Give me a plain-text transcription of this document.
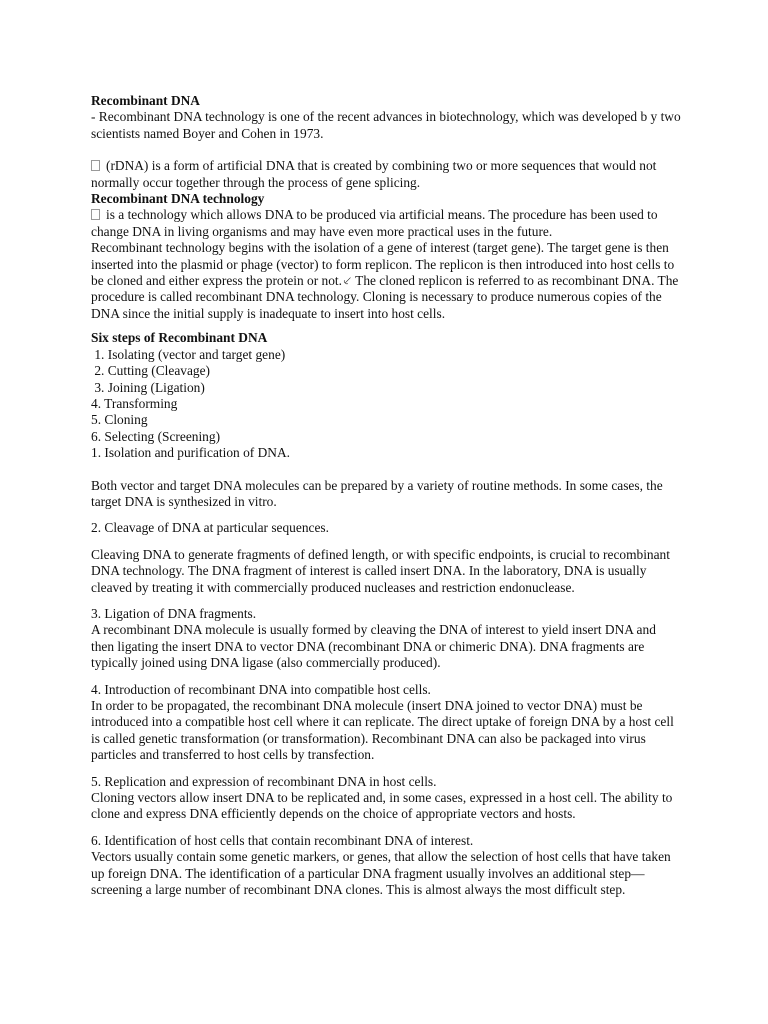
Recombinant DNA

- Recombinant DNA technology is one of the recent advances in biotechnology, which was developed b y two scientists named Boyer and Cohen in 1973.

(rDNA) is a form of artificial DNA that is created by combining two or more sequences that would not normally occur together through the process of gene splicing.

Recombinant DNA technology

is a technology which allows DNA to be produced via artificial means. The procedure has been used to change DNA in living organisms and may have even more practical uses in the future.

Recombinant technology begins with the isolation of a gene of interest (target gene). The target gene is then inserted into the plasmid or phage (vector) to form replicon. The replicon is then introduced into host cells to be cloned and either express the protein or not.⸔ The cloned replicon is referred to as recombinant DNA. The procedure is called recombinant DNA technology. Cloning is necessary to produce numerous copies of the DNA since the initial supply is inadequate to insert into host cells.

Six steps of Recombinant DNA

1. Isolating (vector and target gene)
2. Cutting (Cleavage)
3. Joining (Ligation)
4. Transforming
5. Cloning
6. Selecting (Screening)

1. Isolation and purification of DNA.

Both vector and target DNA molecules can be prepared by a variety of routine methods. In some cases, the target DNA is synthesized in vitro.

2. Cleavage of DNA at particular sequences.

Cleaving DNA to generate fragments of defined length, or with specific endpoints, is crucial to recombinant DNA technology. The DNA fragment of interest is called insert DNA. In the laboratory, DNA is usually cleaved by treating it with commercially produced nucleases and restriction endonuclease.

3. Ligation of DNA fragments.

A recombinant DNA molecule is usually formed by cleaving the DNA of interest to yield insert DNA and then ligating the insert DNA to vector DNA (recombinant DNA or chimeric DNA). DNA fragments are typically joined using DNA ligase (also commercially produced).

4. Introduction of recombinant DNA into compatible host cells.

In order to be propagated, the recombinant DNA molecule (insert DNA joined to vector DNA) must be introduced into a compatible host cell where it can replicate. The direct uptake of foreign DNA by a host cell is called genetic transformation (or transformation). Recombinant DNA can also be packaged into virus particles and transferred to host cells by transfection.

5. Replication and expression of recombinant DNA in host cells.

Cloning vectors allow insert DNA to be replicated and, in some cases, expressed in a host cell. The ability to clone and express DNA efficiently depends on the choice of appropriate vectors and hosts.

6. Identification of host cells that contain recombinant DNA of interest.

Vectors usually contain some genetic markers, or genes, that allow the selection of host cells that have taken up foreign DNA. The identification of a particular DNA fragment usually involves an additional step—screening a large number of recombinant DNA clones. This is almost always the most difficult step.
